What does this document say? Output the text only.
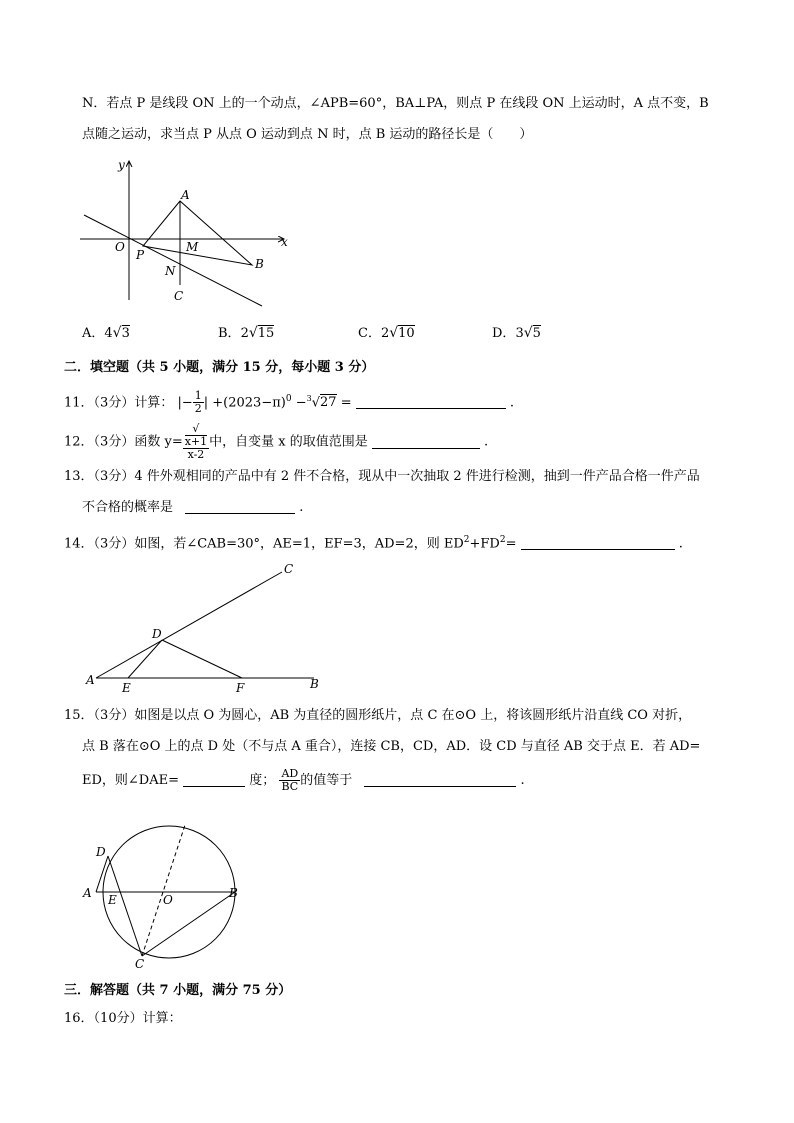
N．若点 P 是线段 ON 上的一个动点，∠APB=60°，BA⊥PA，则点 P 在线段 ON 上运动时，A 点不变，B
点随之运动，求当点 P 从点 O 运动到点 N 时，点 B 运动的路径长是（　　）
y
x
O
A
P
M
N	B
C
A．4√3	B．2√15	C．2√10	D．3√5
二．填空题（共 5 小题，满分 15 分，每小题 3 分）
11．（3分）计算： |− $\frac{1}{2}$ | $+(2023-\pi)^0 -^3√27$ =	.
12．（3分）函数 y= √
x+1
x-2 中，自变量 x 的取值范围是	.
13．（3分）4 件外观相同的产品中有 2 件不合格，现从中一次抽取 2 件进行检测，抽到一件产品合格一件产品
不合格的概率是	.
14．（3分）如图，若∠CAB=30°，AE=1，EF=3，AD=2，则 $ED^2+FD^2=$	.
C
D
A
E	F	B
15．（3分）如图是以点 O 为圆心，AB 为直径的圆形纸片，点 C 在⊙O 上，将该圆形纸片沿直线 CO 对折，
点 B 落在⊙O 上的点 D 处（不与点 A 重合），连接 CB，CD，AD．设 CD 与直径 AB 交于点 E．若 AD=
ED，则∠DAE=	度； $\frac{AD}{BC}$ 的值等于	.
D
A E	O	B
C
三．解答题（共 7 小题，满分 75 分）
16．（10分）计算：
